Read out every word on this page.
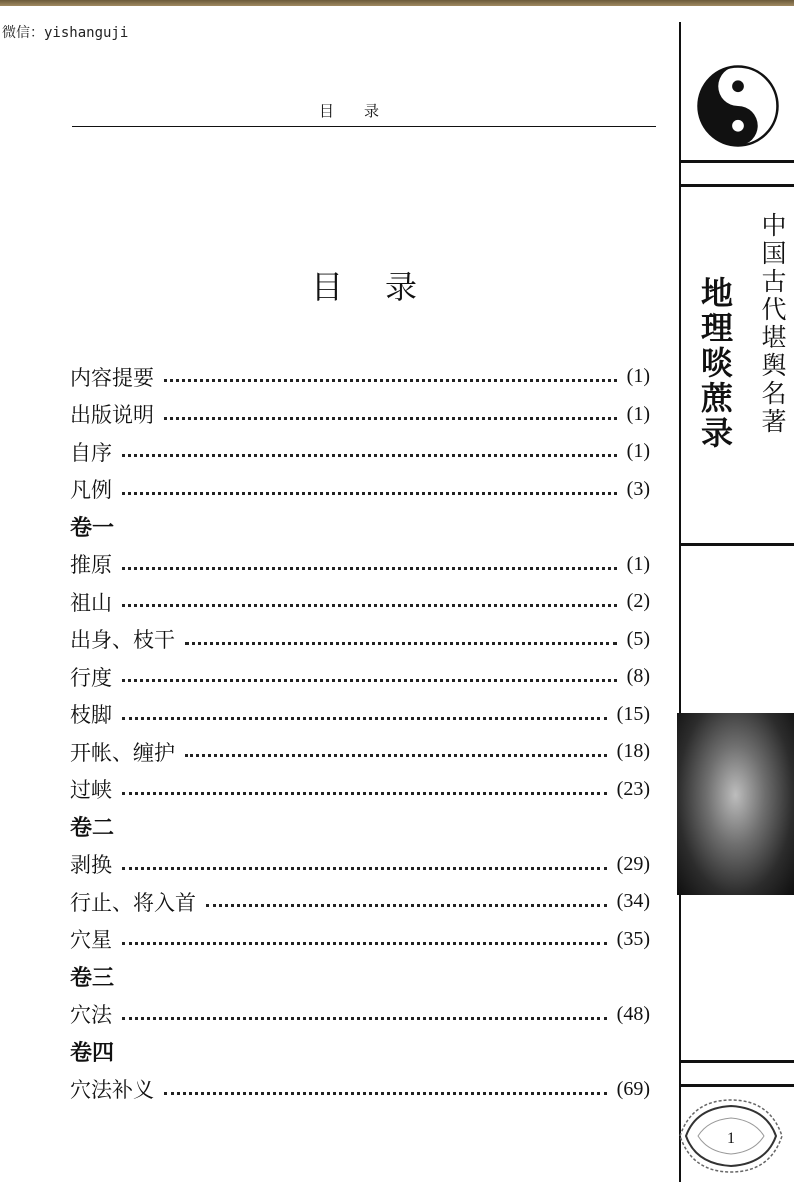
微信：yishanguji
目录
目录
内容提要	(1)
出版说明	(1)
自序	(1)
凡例	(3)
卷一
推原	(1)
祖山	(2)
出身、枝干	(5)
行度	(8)
枝脚	(15)
开帐、缠护	(18)
过峡	(23)
卷二
剥换	(29)
行止、将入首	(34)
穴星	(35)
卷三
穴法	(48)
卷四
穴法补义	(69)
中国古代堪舆名著
地理啖蔗录
1
